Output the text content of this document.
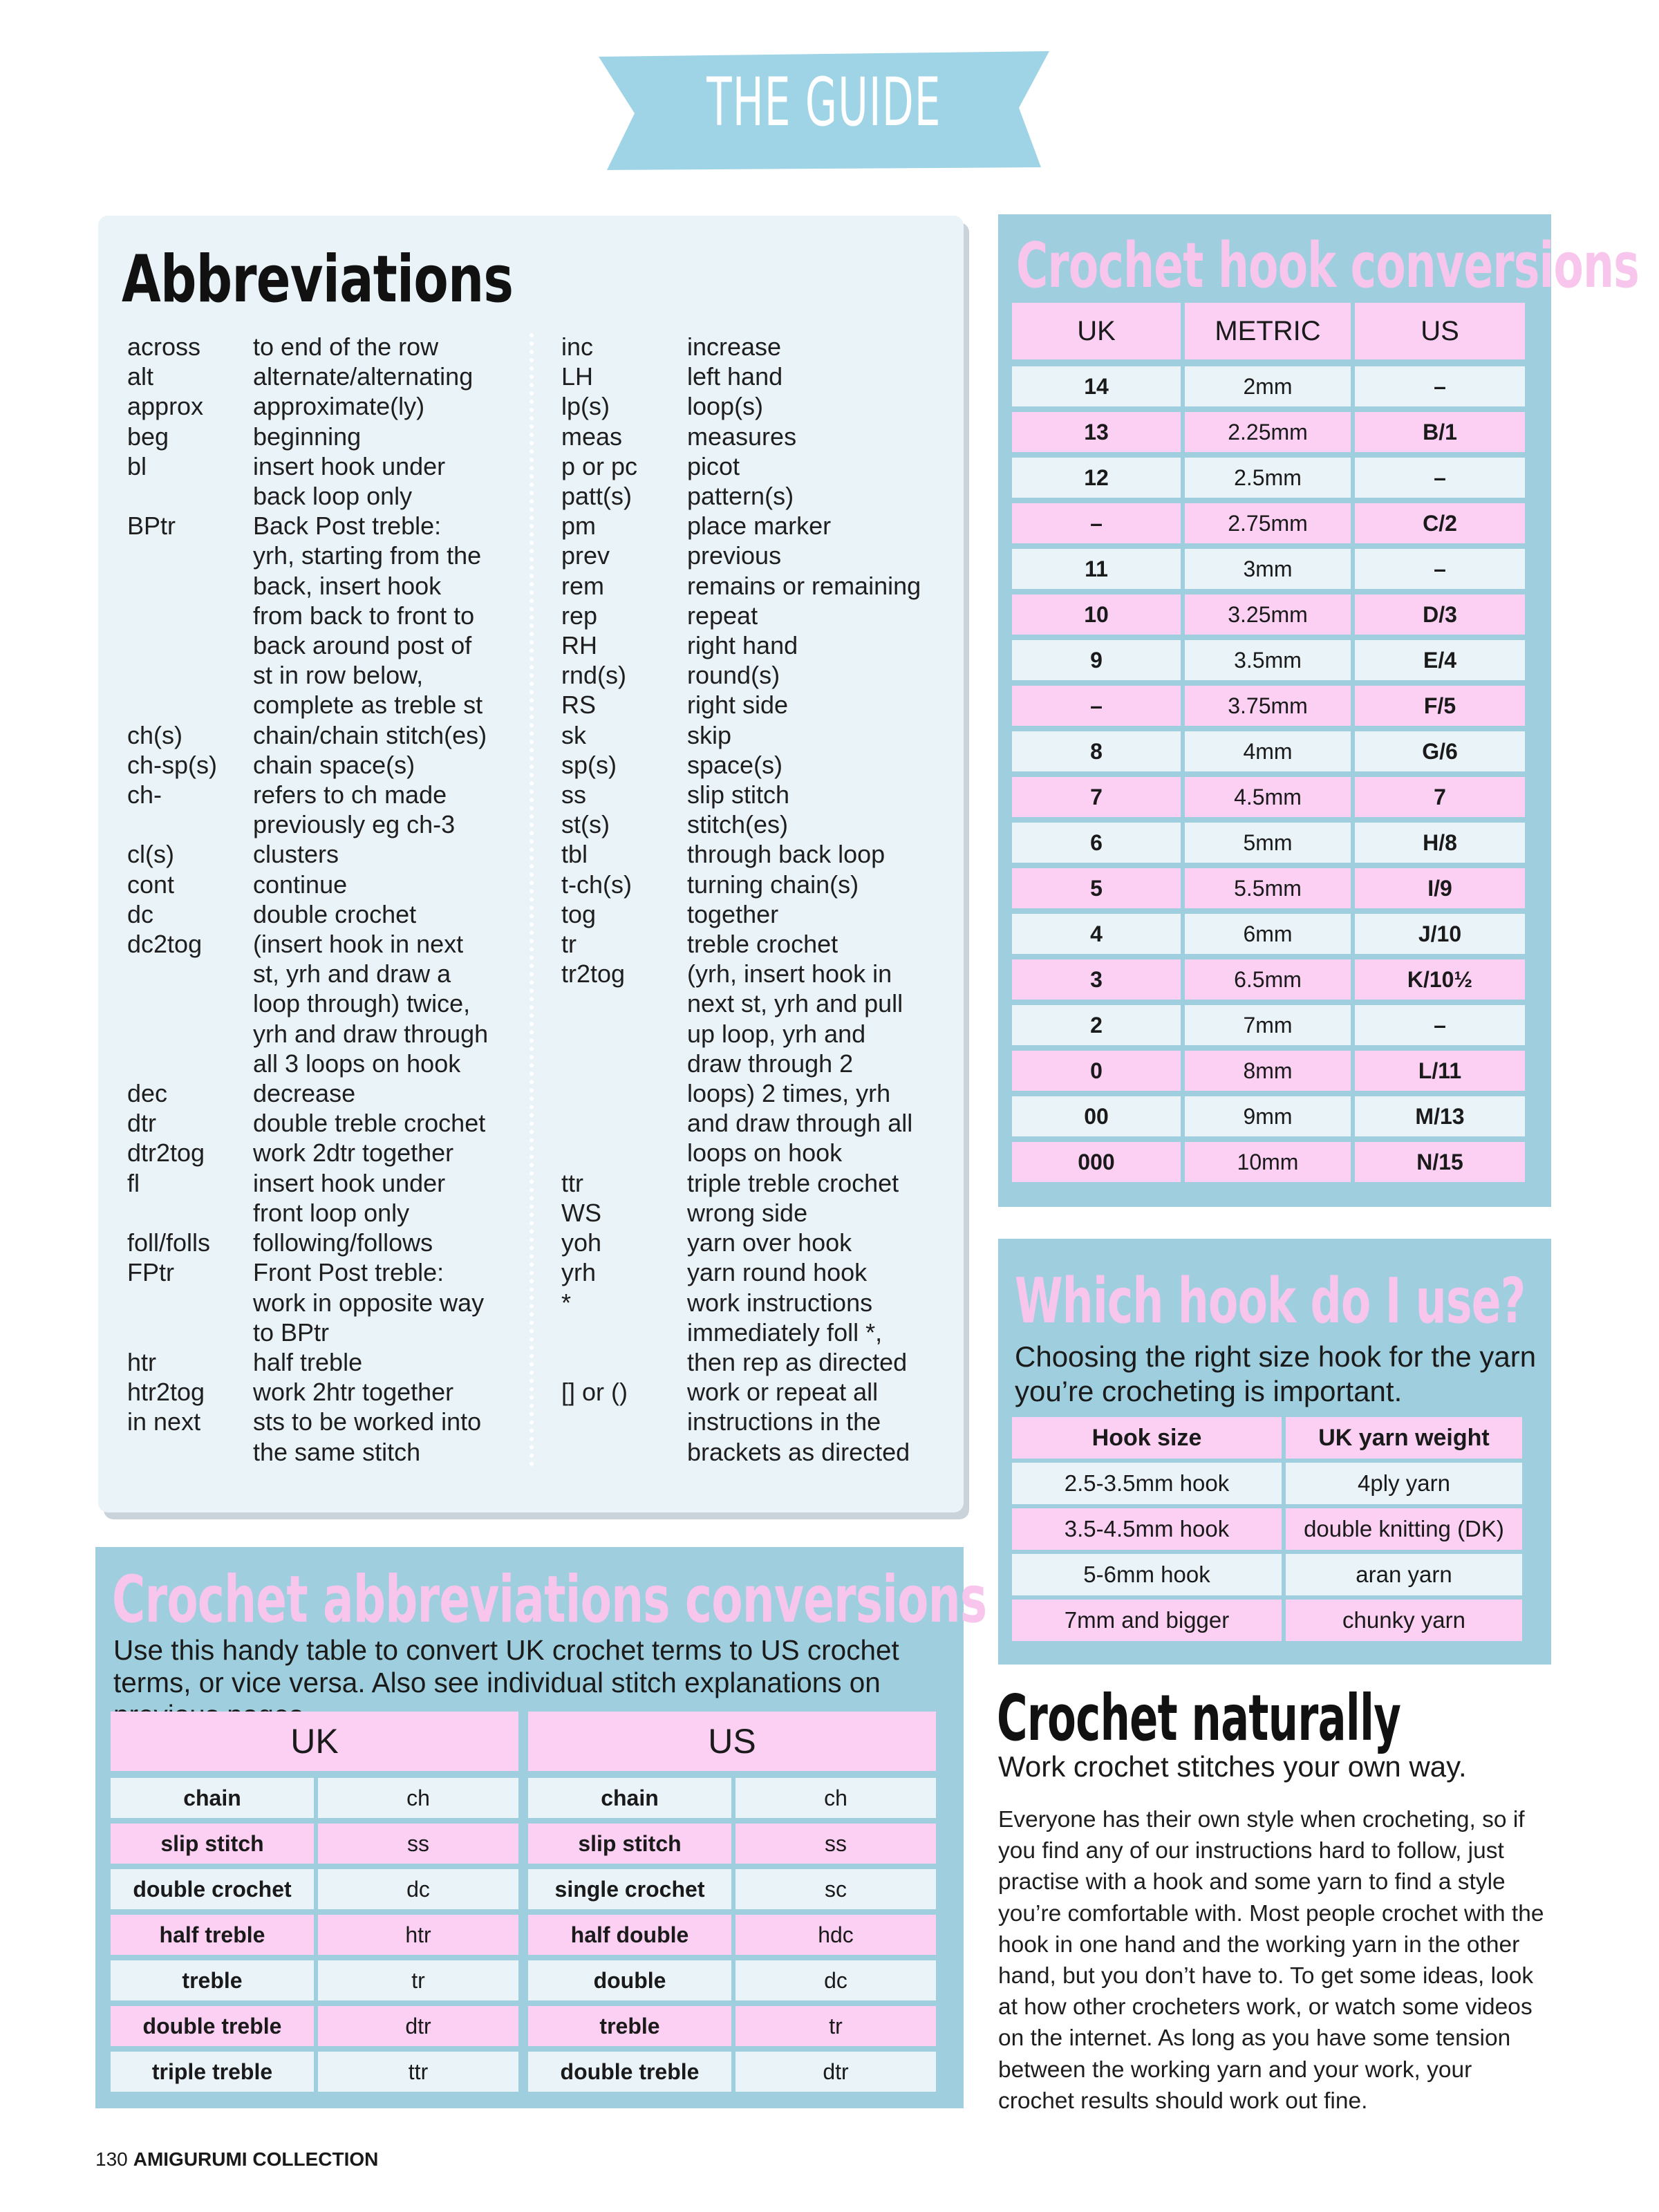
THE GUIDE
Abbreviations
across	to end of the row
alt	alternate/alternating
approx	approximate(ly)
beg	beginning
bl	insert hook under
back loop only
BPtr	Back Post treble:
yrh, starting from the
back, insert hook
from back to front to
back around post of
st in row below,
complete as treble st
ch(s)	chain/chain stitch(es)
ch-sp(s)	chain space(s)
ch-	refers to ch made
previously eg ch-3
cl(s)	clusters
cont	continue
dc	double crochet
dc2tog	(insert hook in next
st, yrh and draw a
loop through) twice,
yrh and draw through
all 3 loops on hook
dec	decrease
dtr	double treble crochet
dtr2tog	work 2dtr together
fl	insert hook under
front loop only
foll/folls	following/follows
FPtr	Front Post treble:
work in opposite way
to BPtr
htr	half treble
htr2tog	work 2htr together
in next	sts to be worked into
the same stitch
inc	increase
LH	left hand
lp(s)	loop(s)
meas	measures
p or pc	picot
patt(s)	pattern(s)
pm	place marker
prev	previous
rem	remains or remaining
rep	repeat
RH	right hand
rnd(s)	round(s)
RS	right side
sk	skip
sp(s)	space(s)
ss	slip stitch
st(s)	stitch(es)
tbl	through back loop
t-ch(s)	turning chain(s)
tog	together
tr	treble crochet
tr2tog	(yrh, insert hook in
next st, yrh and pull
up loop, yrh and
draw through 2
loops) 2 times, yrh
and draw through all
loops on hook
ttr	triple treble crochet
WS	wrong side
yoh	yarn over hook
yrh	yarn round hook
*	work instructions
immediately foll *,
then rep as directed
[] or ()	work or repeat all
instructions in the
brackets as directed
Crochet hook conversions
UK	METRIC	US
14	2mm	–
13	2.25mm	B/1
12	2.5mm	–
–	2.75mm	C/2
11	3mm	–
10	3.25mm	D/3
9	3.5mm	E/4
–	3.75mm	F/5
8	4mm	G/6
7	4.5mm	7
6	5mm	H/8
5	5.5mm	I/9
4	6mm	J/10
3	6.5mm	K/10½
2	7mm	–
0	8mm	L/11
00	9mm	M/13
000	10mm	N/15
Which hook do I use?
Choosing the right size hook for the yarn you’re crocheting is important.
Hook size	UK yarn weight
2.5-3.5mm hook	4ply yarn
3.5-4.5mm hook	double knitting (DK)
5-6mm hook	aran yarn
7mm and bigger	chunky yarn
Crochet naturally
Work crochet stitches your own way.
Everyone has their own style when crocheting, so if you find any of our instructions hard to follow, just practise with a hook and some yarn to find a style you’re comfortable with. Most people crochet with the hook in one hand and the working yarn in the other hand, but you don’t have to. To get some ideas, look at how other crocheters work, or watch some videos on the internet. As long as you have some tension between the working yarn and your work, your crochet results should work out fine.
Crochet abbreviations conversions
Use this handy table to convert UK crochet terms to US crochet terms, or vice versa. Also see individual stitch explanations on
UK
chain	ch
slip stitch	ss
double crochet	dc
half treble	htr
treble	tr
double treble	dtr
triple treble	ttr
US
chain	ch
slip stitch	ss
single crochet	sc
half double	hdc
double	dc
treble	tr
double treble	dtr
130 AMIGURUMI COLLECTION
